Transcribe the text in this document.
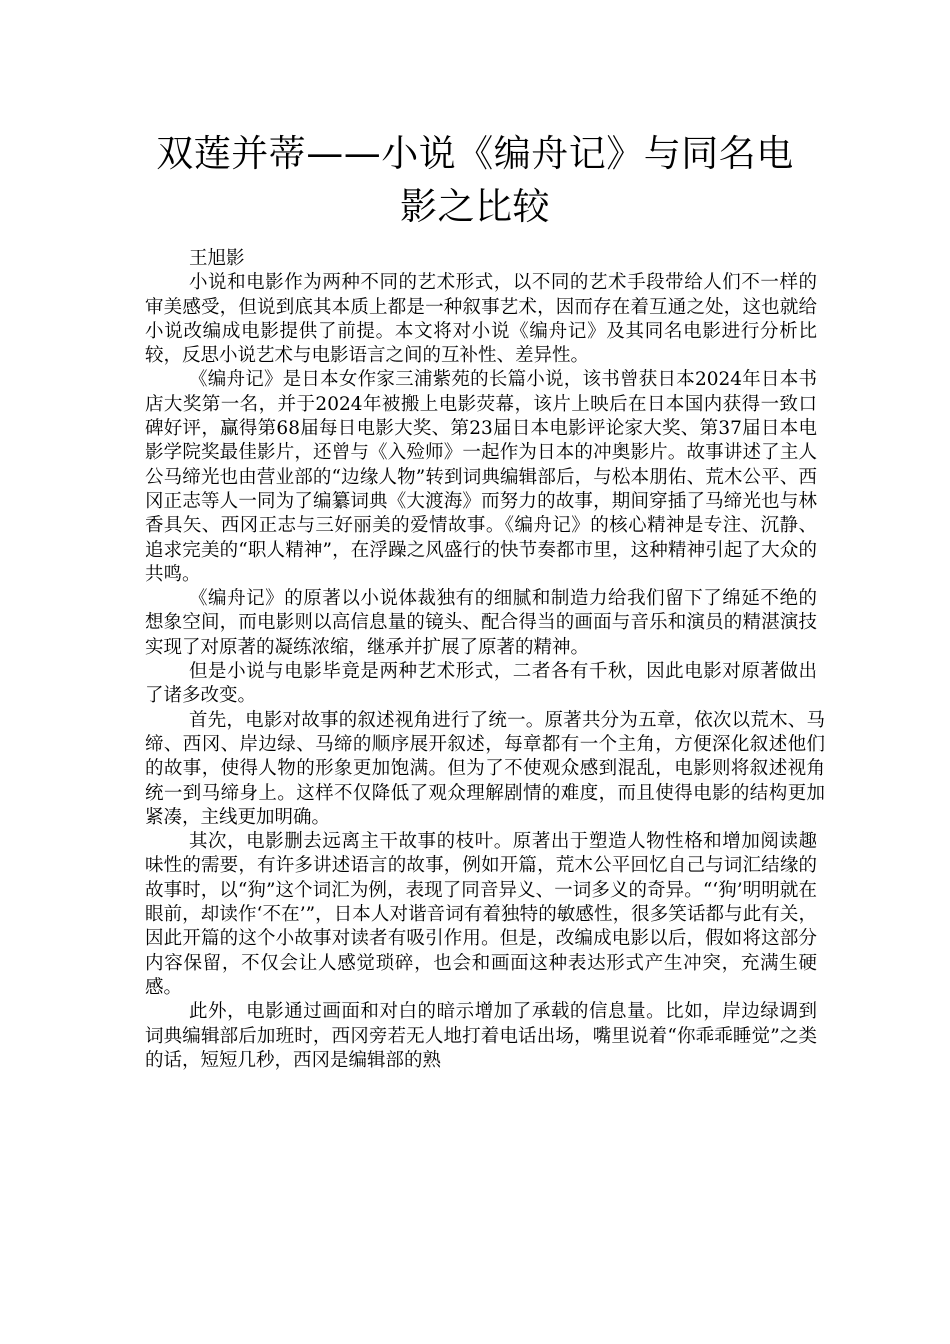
双莲并蒂——小说《编舟记》与同名电影之比较

王旭影

小说和电影作为两种不同的艺术形式，以不同的艺术手段带给人们不一样的审美感受，但说到底其本质上都是一种叙事艺术，因而存在着互通之处，这也就给小说改编成电影提供了前提。本文将对小说《编舟记》及其同名电影进行分析比较，反思小说艺术与电影语言之间的互补性、差异性。

《编舟记》是日本女作家三浦紫苑的长篇小说，该书曾获日本2024年日本书店大奖第一名，并于2024年被搬上电影荧幕，该片上映后在日本国内获得一致口碑好评，赢得第68届每日电影大奖、第23届日本电影评论家大奖、第37届日本电影学院奖最佳影片，还曾与《入殓师》一起作为日本的冲奥影片。故事讲述了主人公马缔光也由营业部的“边缘人物”转到词典编辑部后，与松本朋佑、荒木公平、西冈正志等人一同为了编纂词典《大渡海》而努力的故事，期间穿插了马缔光也与林香具矢、西冈正志与三好丽美的爱情故事。《编舟记》的核心精神是专注、沉静、追求完美的“职人精神”，在浮躁之风盛行的快节奏都市里，这种精神引起了大众的共鸣。

《编舟记》的原著以小说体裁独有的细腻和制造力给我们留下了绵延不绝的想象空间，而电影则以高信息量的镜头、配合得当的画面与音乐和演员的精湛演技实现了对原著的凝练浓缩，继承并扩展了原著的精神。

但是小说与电影毕竟是两种艺术形式，二者各有千秋，因此电影对原著做出了诸多改变。

首先，电影对故事的叙述视角进行了统一。原著共分为五章，依次以荒木、马缔、西冈、岸边绿、马缔的顺序展开叙述，每章都有一个主角，方便深化叙述他们的故事，使得人物的形象更加饱满。但为了不使观众感到混乱，电影则将叙述视角统一到马缔身上。这样不仅降低了观众理解剧情的难度，而且使得电影的结构更加紧凑，主线更加明确。

其次，电影删去远离主干故事的枝叶。原著出于塑造人物性格和增加阅读趣味性的需要，有许多讲述语言的故事，例如开篇，荒木公平回忆自己与词汇结缘的故事时，以“狗”这个词汇为例，表现了同音异义、一词多义的奇异。“‘狗’明明就在眼前，却读作‘不在’”，日本人对谐音词有着独特的敏感性，很多笑话都与此有关，因此开篇的这个小故事对读者有吸引作用。但是，改编成电影以后，假如将这部分内容保留，不仅会让人感觉琐碎，也会和画面这种表达形式产生冲突，充满生硬感。

此外，电影通过画面和对白的暗示增加了承载的信息量。比如，岸边绿调到词典编辑部后加班时，西冈旁若无人地打着电话出场，嘴里说着“你乖乖睡觉”之类的话，短短几秒，西冈是编辑部的熟
